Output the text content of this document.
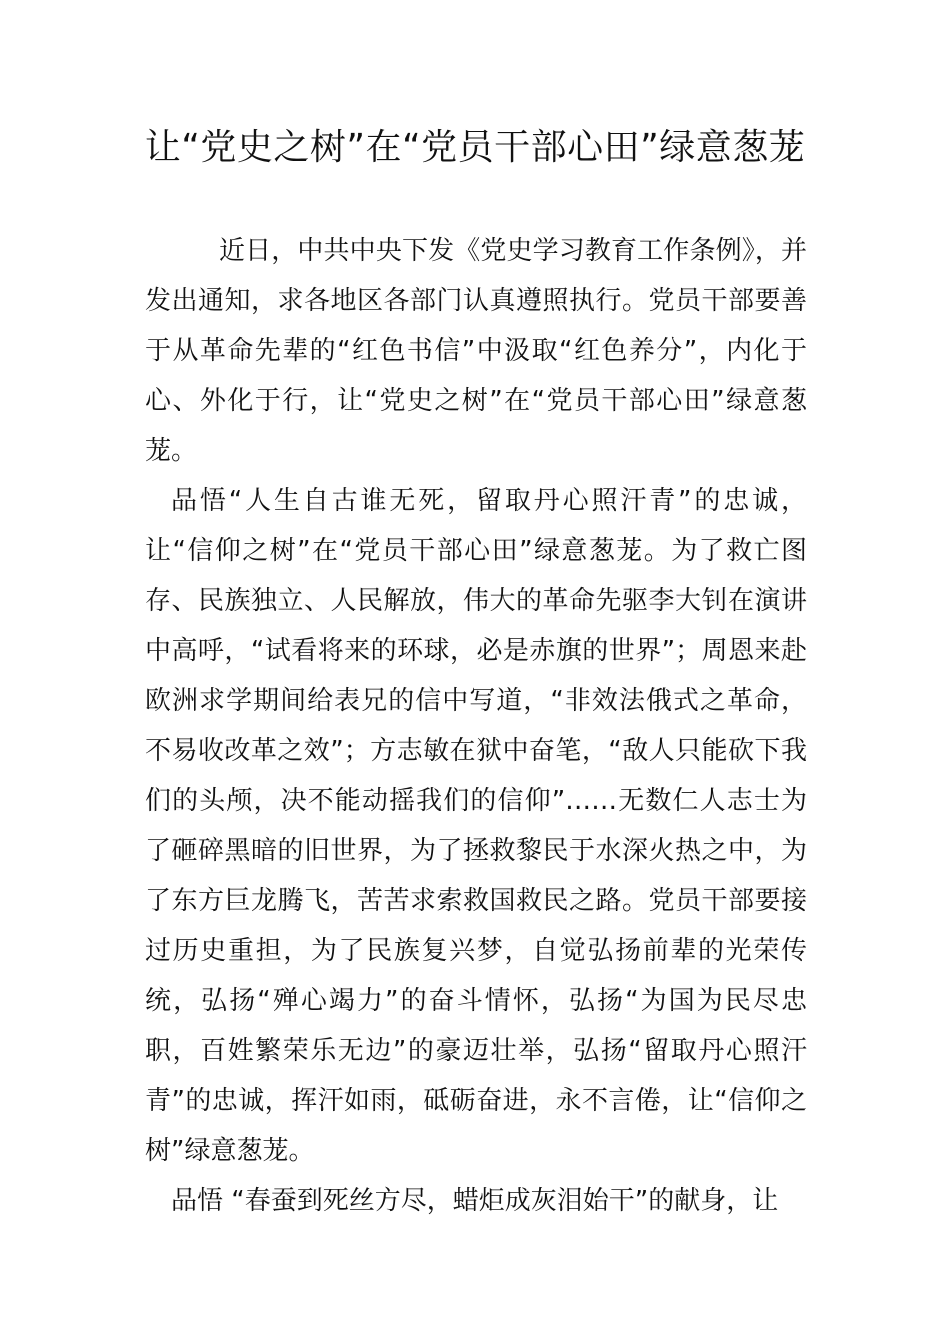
让“党史之树”在“党员干部心田”绿意葱茏

近日，中共中央下发《党史学习教育工作条例》，并发出通知，求各地区各部门认真遵照执行。党员干部要善于从革命先辈的“红色书信”中汲取“红色养分”，内化于心、外化于行，让“党史之树”在“党员干部心田”绿意葱茏。

品悟“人生自古谁无死，留取丹心照汗青”的忠诚，让“信仰之树”在“党员干部心田”绿意葱茏。为了救亡图存、民族独立、人民解放，伟大的革命先驱李大钊在演讲中高呼，“试看将来的环球，必是赤旗的世界”；周恩来赴欧洲求学期间给表兄的信中写道，“非效法俄式之革命，不易收改革之效”；方志敏在狱中奋笔，“敌人只能砍下我们的头颅，决不能动摇我们的信仰”……无数仁人志士为了砸碎黑暗的旧世界，为了拯救黎民于水深火热之中，为了东方巨龙腾飞，苦苦求索救国救民之路。党员干部要接过历史重担，为了民族复兴梦，自觉弘扬前辈的光荣传统，弘扬“殚心竭力”的奋斗情怀，弘扬“为国为民尽忠职，百姓繁荣乐无边”的豪迈壮举，弘扬“留取丹心照汗青”的忠诚，挥汗如雨，砥砺奋进，永不言倦，让“信仰之树”绿意葱茏。

品悟 “春蚕到死丝方尽，蜡炬成灰泪始干”的献身，让
